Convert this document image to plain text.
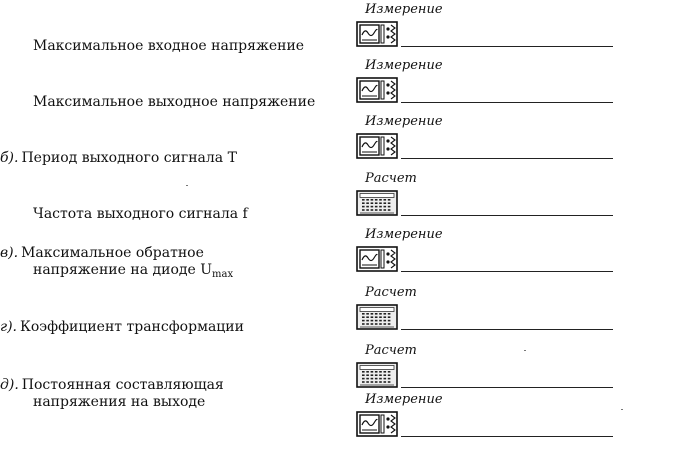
Максимальное входное напряжение
Максимальное выходное напряжение
б). Период выходного сигнала T
Частота выходного сигнала f
в). Максимальное обратное
напряжение на диоде $U_{max}$
г). Коэффициент трансформации
д). Постоянная составляющая
напряжения на выходе
Измерение
Измерение
Измерение
Расчет
Измерение
Расчет
Расчет
Измерение
